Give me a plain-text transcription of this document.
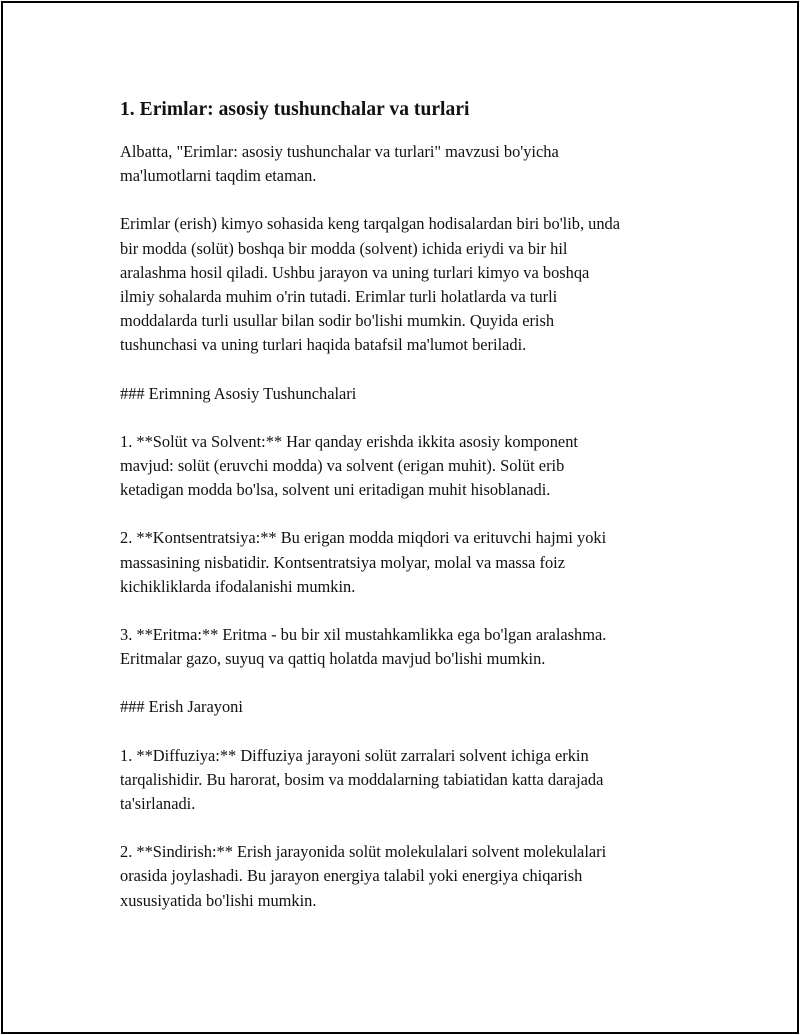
1. Erimlar: asosiy tushunchalar va turlari

Albatta, "Erimlar: asosiy tushunchalar va turlari" mavzusi bo'yicha
ma'lumotlarni taqdim etaman.

Erimlar (erish) kimyo sohasida keng tarqalgan hodisalardan biri bo'lib, unda
bir modda (solüt) boshqa bir modda (solvent) ichida eriydi va bir hil
aralashma hosil qiladi. Ushbu jarayon va uning turlari kimyo va boshqa
ilmiy sohalarda muhim o'rin tutadi. Erimlar turli holatlarda va turli
moddalarda turli usullar bilan sodir bo'lishi mumkin. Quyida erish
tushunchasi va uning turlari haqida batafsil ma'lumot beriladi.

### Erimning Asosiy Tushunchalari

1. **Solüt va Solvent:** Har qanday erishda ikkita asosiy komponent
mavjud: solüt (eruvchi modda) va solvent (erigan muhit). Solüt erib
ketadigan modda bo'lsa, solvent uni eritadigan muhit hisoblanadi.

2. **Kontsentratsiya:** Bu erigan modda miqdori va erituvchi hajmi yoki
massasining nisbatidir. Kontsentratsiya molyar, molal va massa foiz
kichikliklarda ifodalanishi mumkin.

3. **Eritma:** Eritma - bu bir xil mustahkamlikka ega bo'lgan aralashma.
Eritmalar gazo, suyuq va qattiq holatda mavjud bo'lishi mumkin.

### Erish Jarayoni

1. **Diffuziya:** Diffuziya jarayoni solüt zarralari solvent ichiga erkin
tarqalishidir. Bu harorat, bosim va moddalarning tabiatidan katta darajada
ta'sirlanadi.

2. **Sindirish:** Erish jarayonida solüt molekulalari solvent molekulalari
orasida joylashadi. Bu jarayon energiya talabil yoki energiya chiqarish
xususiyatida bo'lishi mumkin.
